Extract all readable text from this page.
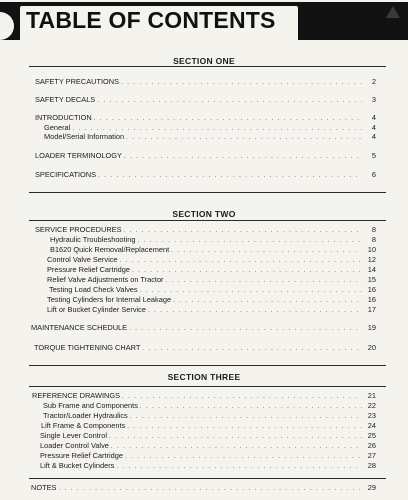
TABLE OF CONTENTS
SECTION ONE
SAFETY PRECAUTIONS . . .	2
SAFETY DECALS . . .	3
INTRODUCTION . . .	4
General . . .	4
Model/Serial Information . . .	4
LOADER TERMINOLOGY . . .	5
SPECIFICATIONS . . .	6
SECTION TWO
SERVICE PROCEDURES . . .	8
Hydraulic Troubleshooting . . .	8
B1620 Quick Removal/Replacement . . .	10
Control Valve Service . . .	12
Pressure Relief Cartridge . . .	14
Relief Valve Adjustments on Tractor . . .	15
Testing Load Check Valves . . .	16
Testing Cylinders for Internal Leakage . . .	16
Lift or Bucket Cylinder Service . . .	17
MAINTENANCE SCHEDULE . . .	19
TORQUE TIGHTENING CHART . . .	20
SECTION THREE
REFERENCE DRAWINGS . . .	21
Sub Frame and Components . . .	22
Tractor/Loader Hydraulics . . .	23
Lift Frame & Components . . .	24
Single Lever Control . . .	25
Loader Control Valve . . .	26
Pressure Relief Cartridge . . .	27
Lift & Bucket Cylinders . . .	28
NOTES . . .	29
